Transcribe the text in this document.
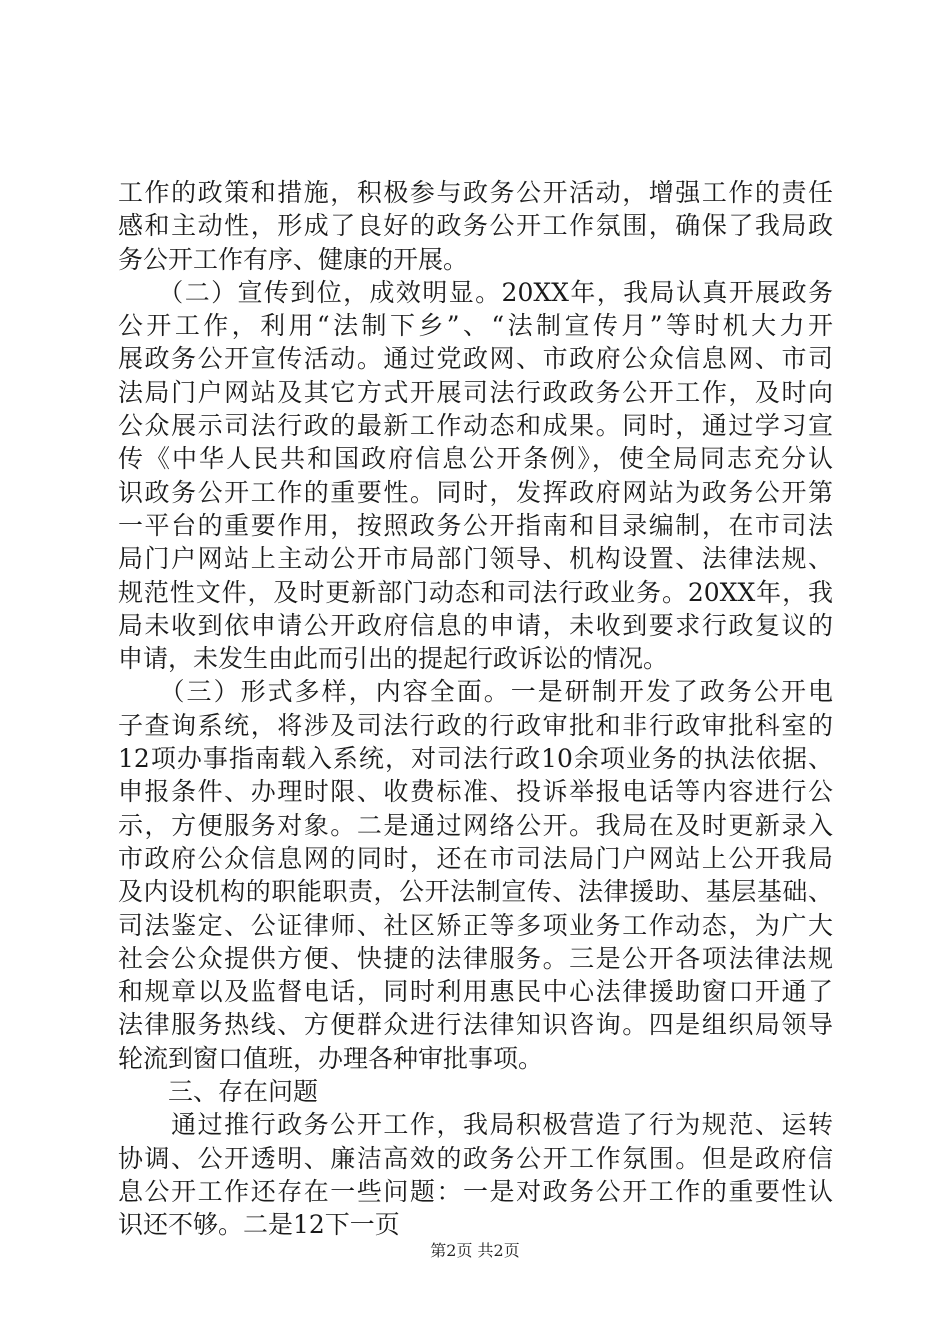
工作的政策和措施，积极参与政务公开活动，增强工作的责任
感和主动性，形成了良好的政务公开工作氛围，确保了我局政
务公开工作有序、健康的开展。
　　（二）宣传到位，成效明显。20XX年，我局认真开展政务
公开工作，利用“法制下乡”、“法制宣传月”等时机大力开
展政务公开宣传活动。通过党政网、市政府公众信息网、市司
法局门户网站及其它方式开展司法行政政务公开工作，及时向
公众展示司法行政的最新工作动态和成果。同时，通过学习宣
传《中华人民共和国政府信息公开条例》，使全局同志充分认
识政务公开工作的重要性。同时，发挥政府网站为政务公开第
一平台的重要作用，按照政务公开指南和目录编制，在市司法
局门户网站上主动公开市局部门领导、机构设置、法律法规、
规范性文件，及时更新部门动态和司法行政业务。20XX年，我
局未收到依申请公开政府信息的申请，未收到要求行政复议的
申请，未发生由此而引出的提起行政诉讼的情况。
　　（三）形式多样，内容全面。一是研制开发了政务公开电
子查询系统，将涉及司法行政的行政审批和非行政审批科室的
12项办事指南载入系统，对司法行政10余项业务的执法依据、
申报条件、办理时限、收费标准、投诉举报电话等内容进行公
示，方便服务对象。二是通过网络公开。我局在及时更新录入
市政府公众信息网的同时，还在市司法局门户网站上公开我局
及内设机构的职能职责，公开法制宣传、法律援助、基层基础、
司法鉴定、公证律师、社区矫正等多项业务工作动态，为广大
社会公众提供方便、快捷的法律服务。三是公开各项法律法规
和规章以及监督电话，同时利用惠民中心法律援助窗口开通了
法律服务热线、方便群众进行法律知识咨询。四是组织局领导
轮流到窗口值班，办理各种审批事项。
　　三、存在问题
　　通过推行政务公开工作，我局积极营造了行为规范、运转
协调、公开透明、廉洁高效的政务公开工作氛围。但是政府信
息公开工作还存在一些问题：一是对政务公开工作的重要性认
识还不够。二是12下一页
第2页 共2页
